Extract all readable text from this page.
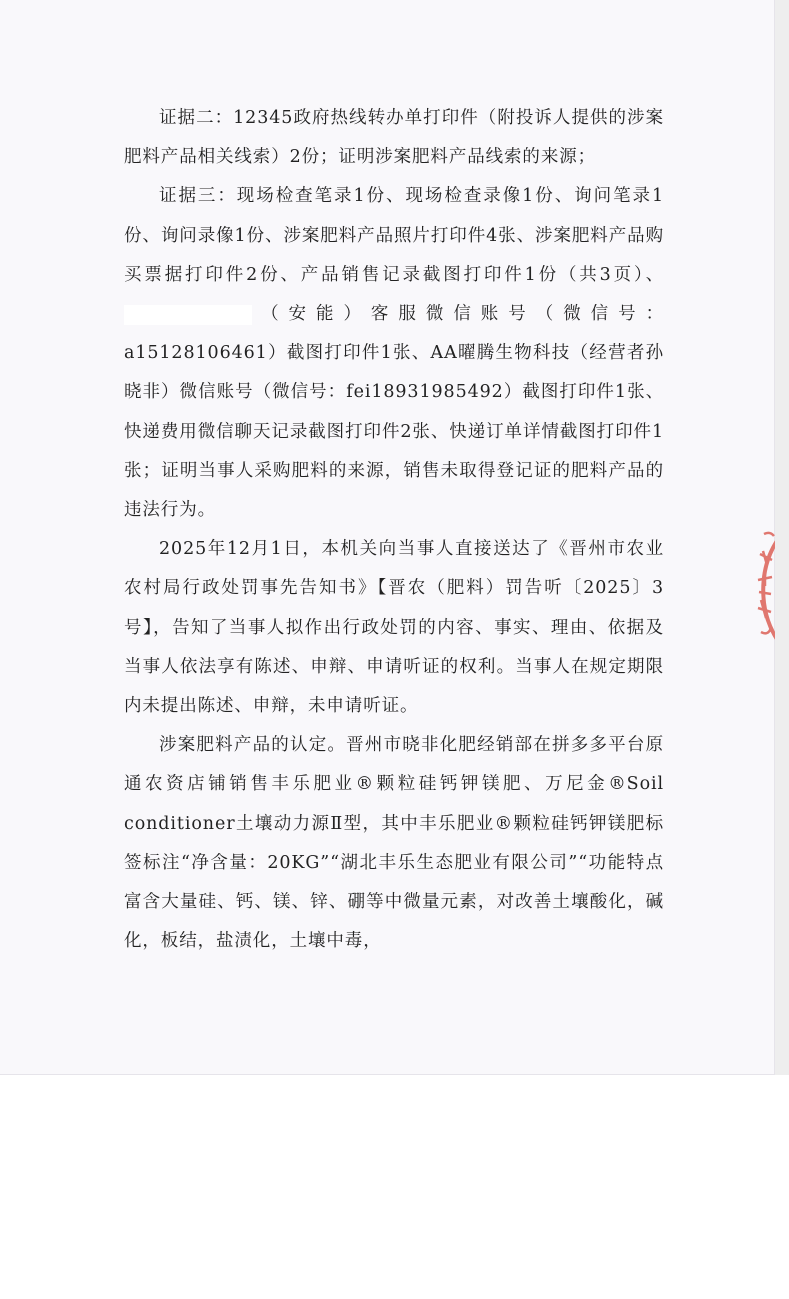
证据二：12345政府热线转办单打印件（附投诉人提供的涉案肥料产品相关线索）2份；证明涉案肥料产品线索的来源；

证据三：现场检查笔录1份、现场检查录像1份、询问笔录1份、询问录像1份、涉案肥料产品照片打印件4张、涉案肥料产品购买票据打印件2份、产品销售记录截图打印件1份（共3页）、（安能）客服微信账号（微信号：a15128106461）截图打印件1张、AA曜腾生物科技（经营者孙晓非）微信账号（微信号：fei18931985492）截图打印件1张、快递费用微信聊天记录截图打印件2张、快递订单详情截图打印件1张；证明当事人采购肥料的来源，销售未取得登记证的肥料产品的违法行为。

2025年12月1日，本机关向当事人直接送达了《晋州市农业农村局行政处罚事先告知书》【晋农（肥料）罚告听〔2025〕3号】，告知了当事人拟作出行政处罚的内容、事实、理由、依据及当事人依法享有陈述、申辩、申请听证的权利。当事人在规定期限内未提出陈述、申辩，未申请听证。

涉案肥料产品的认定。晋州市晓非化肥经销部在拼多多平台原通农资店铺销售丰乐肥业®颗粒硅钙钾镁肥、万尼金®Soil conditioner土壤动力源Ⅱ型，其中丰乐肥业®颗粒硅钙钾镁肥标签标注“净含量：20KG”“湖北丰乐生态肥业有限公司”“功能特点 富含大量硅、钙、镁、锌、硼等中微量元素，对改善土壤酸化，碱化，板结，盐渍化，土壤中毒，
